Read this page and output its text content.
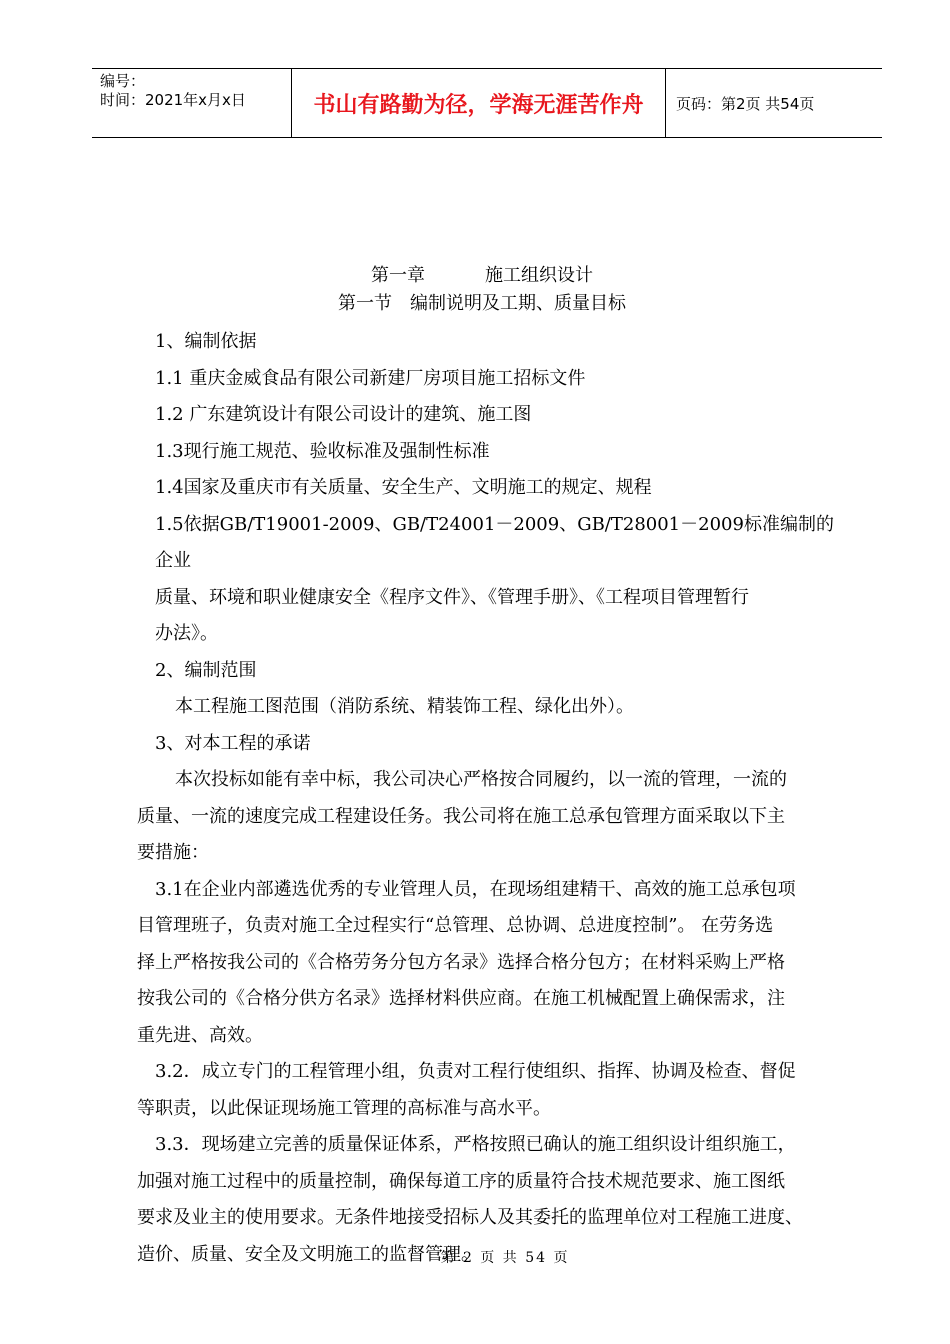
编号：
时间：2021年x月x日	书山有路勤为径，学海无涯苦作舟	页码：第2页 共54页
第一章	施工组织设计
第一节 编制说明及工期、质量目标

1、编制依据

1.1 重庆金威食品有限公司新建厂房项目施工招标文件

1.2 广东建筑设计有限公司设计的建筑、施工图

1.3现行施工规范、验收标准及强制性标准

1.4国家及重庆市有关质量、安全生产、文明施工的规定、规程

1.5依据GB/T19001-2009、GB/T24001－2009、GB/T28001－2009标准编制的企业

质量、环境和职业健康安全《程序文件》、《管理手册》、《工程项目管理暂行

办法》。

2、编制范围

本工程施工图范围（消防系统、精装饰工程、绿化出外）。

3、对本工程的承诺

本次投标如能有幸中标，我公司决心严格按合同履约，以一流的管理，一流的

质量、一流的速度完成工程建设任务。我公司将在施工总承包管理方面采取以下主

要措施：

3.1在企业内部遴选优秀的专业管理人员，在现场组建精干、高效的施工总承包项

目管理班子，负责对施工全过程实行“总管理、总协调、总进度控制”。 在劳务选

择上严格按我公司的《合格劳务分包方名录》选择合格分包方；在材料采购上严格

按我公司的《合格分供方名录》选择材料供应商。在施工机械配置上确保需求，注

重先进、高效。

3.2．成立专门的工程管理小组，负责对工程行使组织、指挥、协调及检查、督促

等职责，以此保证现场施工管理的高标准与高水平。

3.3．现场建立完善的质量保证体系，严格按照已确认的施工组织设计组织施工，

加强对施工过程中的质量控制，确保每道工序的质量符合技术规范要求、施工图纸

要求及业主的使用要求。无条件地接受招标人及其委托的监理单位对工程施工进度、

造价、质量、安全及文明施工的监督管理。

第 2 页 共 54 页
